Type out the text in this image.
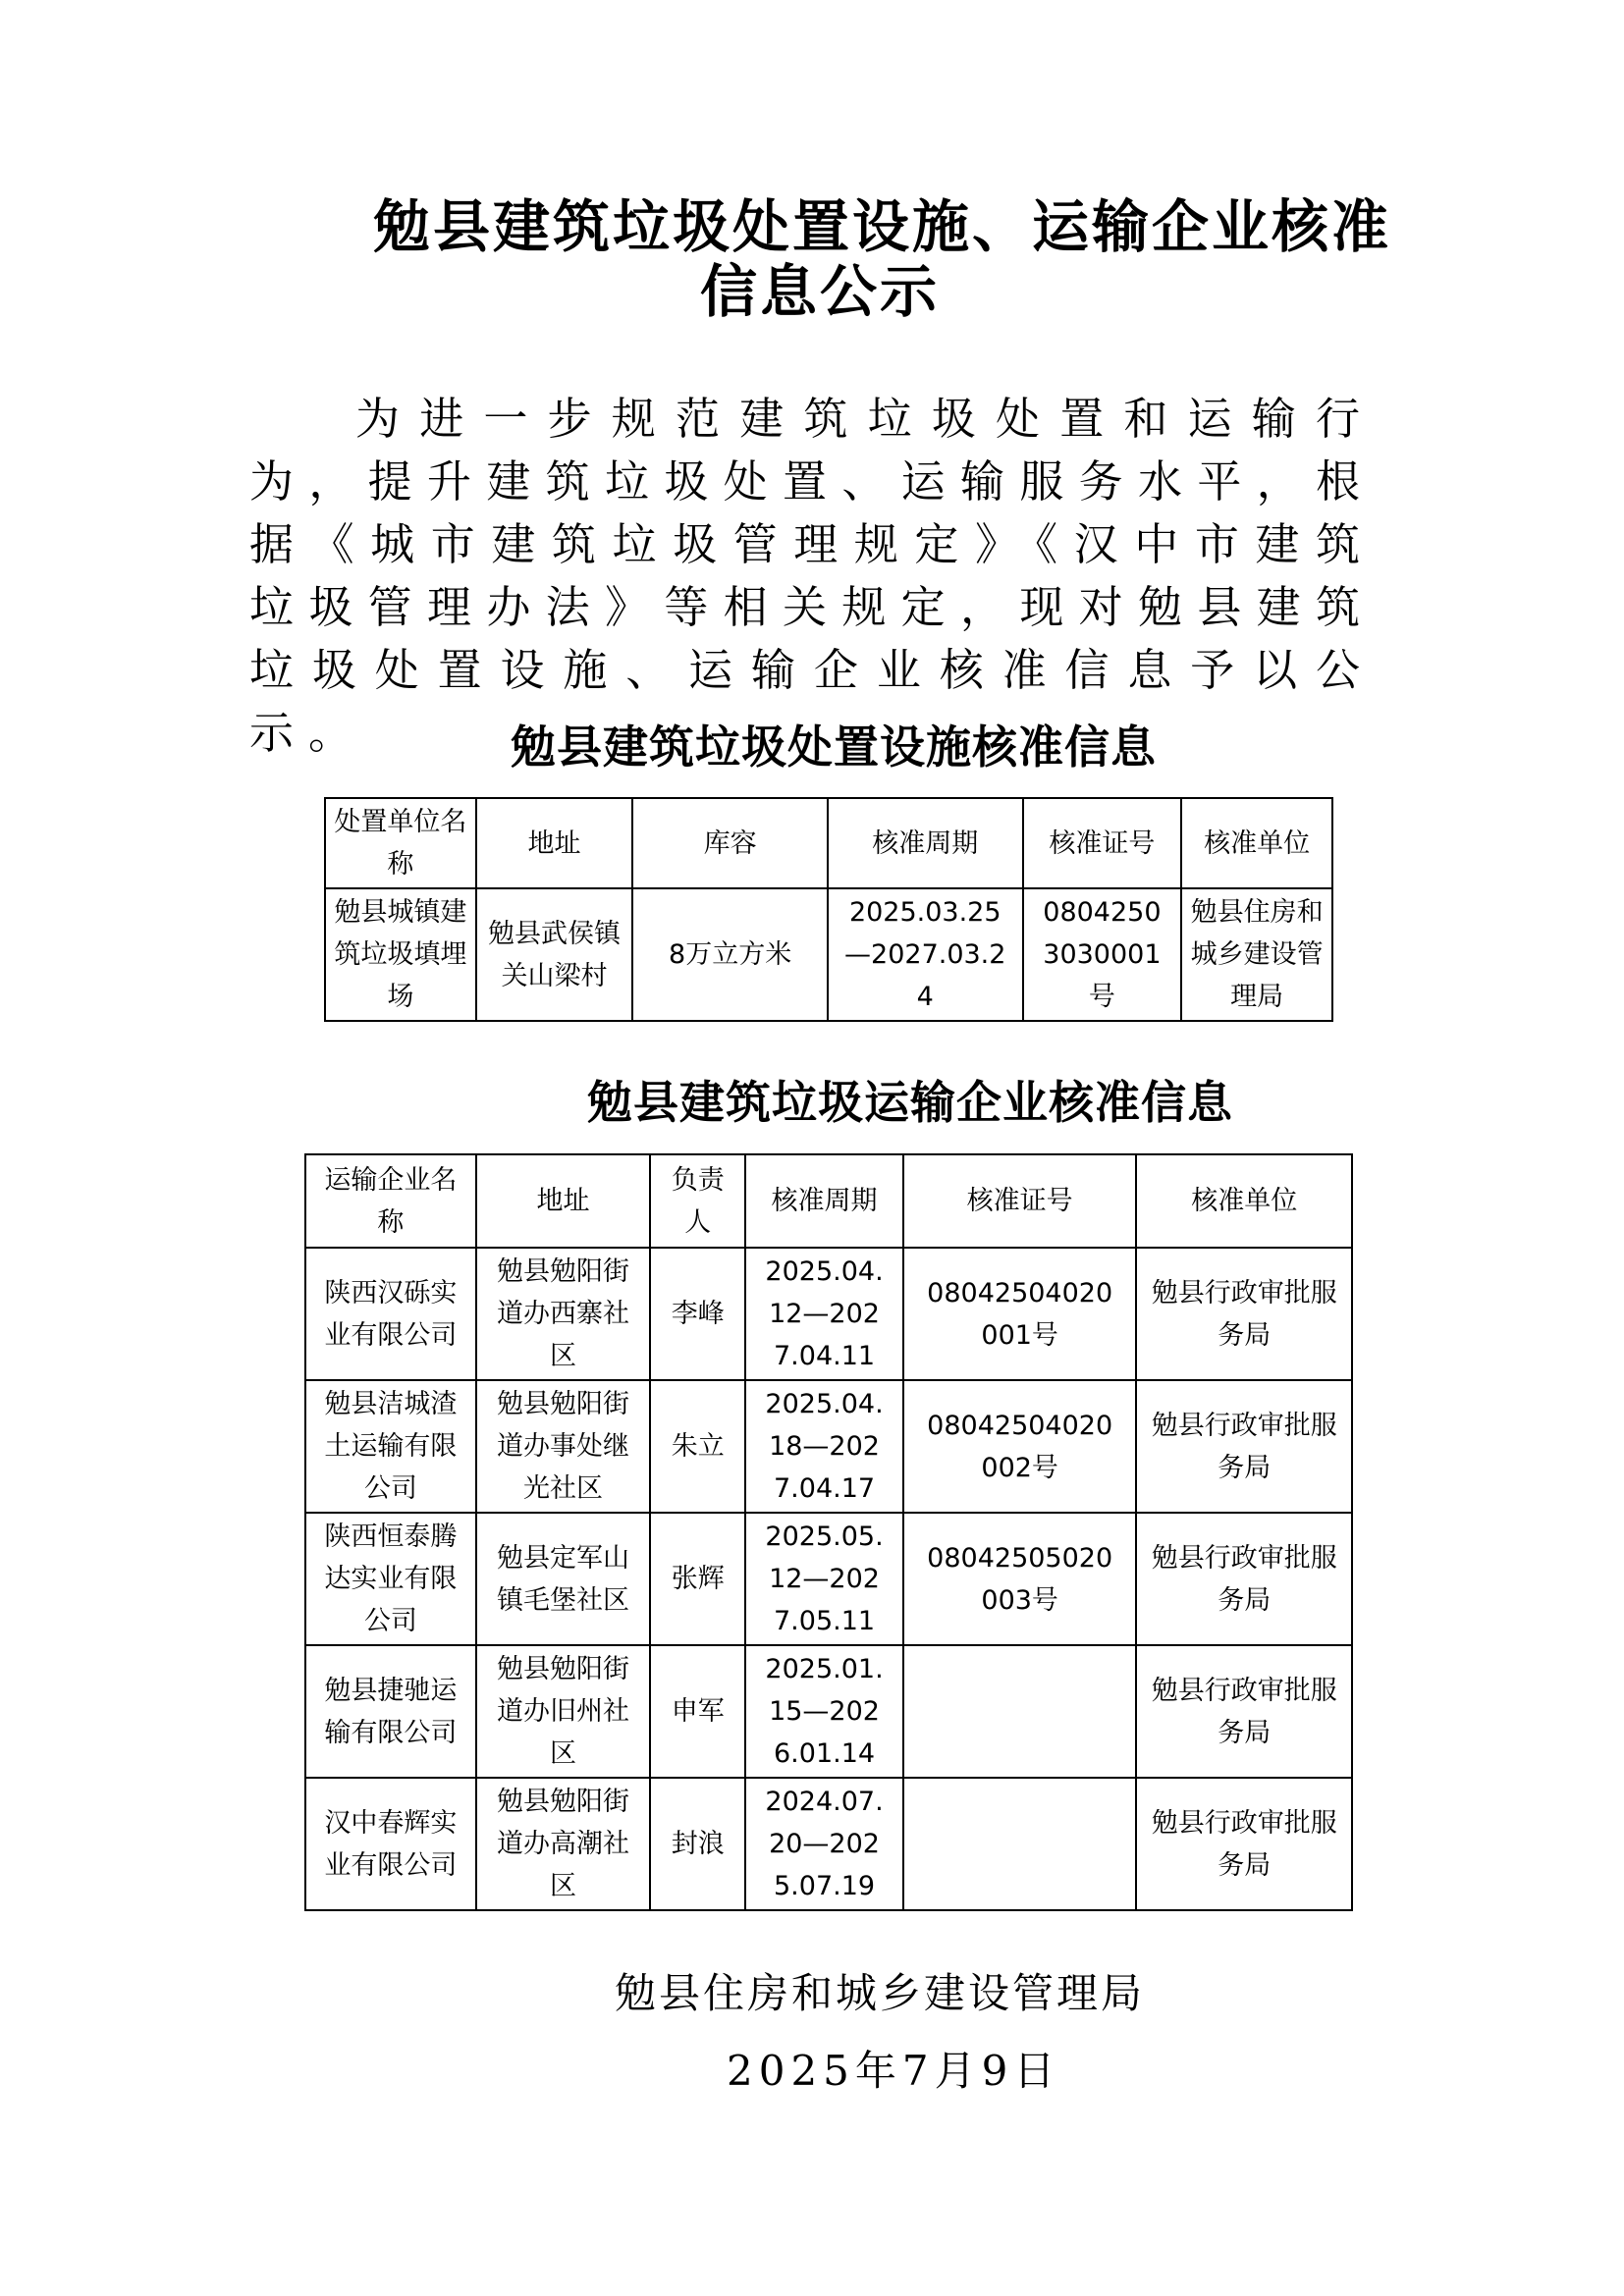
勉县建筑垃圾处置设施、运输企业核准
信息公示

为进一步规范建筑垃圾处置和运输行为，提升建筑垃圾处置、运输服务水平，根据《城市建筑垃圾管理规定》《汉中市建筑垃圾管理办法》等相关规定，现对勉县建筑垃圾处置设施、运输企业核准信息予以公示。	勉县建筑垃圾处置设施核准信息
处置单位名称	地址	库容	核准周期	核准证号	核准单位
勉县城镇建筑垃圾填埋场	勉县武侯镇关山梁村	8万立方米	2025.03.25—2027.03.24	08042503030001号	勉县住房和城乡建设管理局
勉县建筑垃圾运输企业核准信息
运输企业名称	地址	负责人	核准周期	核准证号	核准单位
陕西汉砾实业有限公司	勉县勉阳街道办西寨社区	李峰	2025.04.12—2027.04.11	08042504020001号	勉县行政审批服务局
勉县洁城渣土运输有限公司	勉县勉阳街道办事处继光社区	朱立	2025.04.18—2027.04.17	08042504020002号	勉县行政审批服务局
陕西恒泰腾达实业有限公司	勉县定军山镇毛堡社区	张辉	2025.05.12—2027.05.11	08042505020003号	勉县行政审批服务局
勉县捷驰运输有限公司	勉县勉阳街道办旧州社区	申军	2025.01.15—2026.01.14		勉县行政审批服务局
汉中春辉实业有限公司	勉县勉阳街道办高潮社区	封浪	2024.07.20—2025.07.19		勉县行政审批服务局
勉县住房和城乡建设管理局
2025年7月9日
